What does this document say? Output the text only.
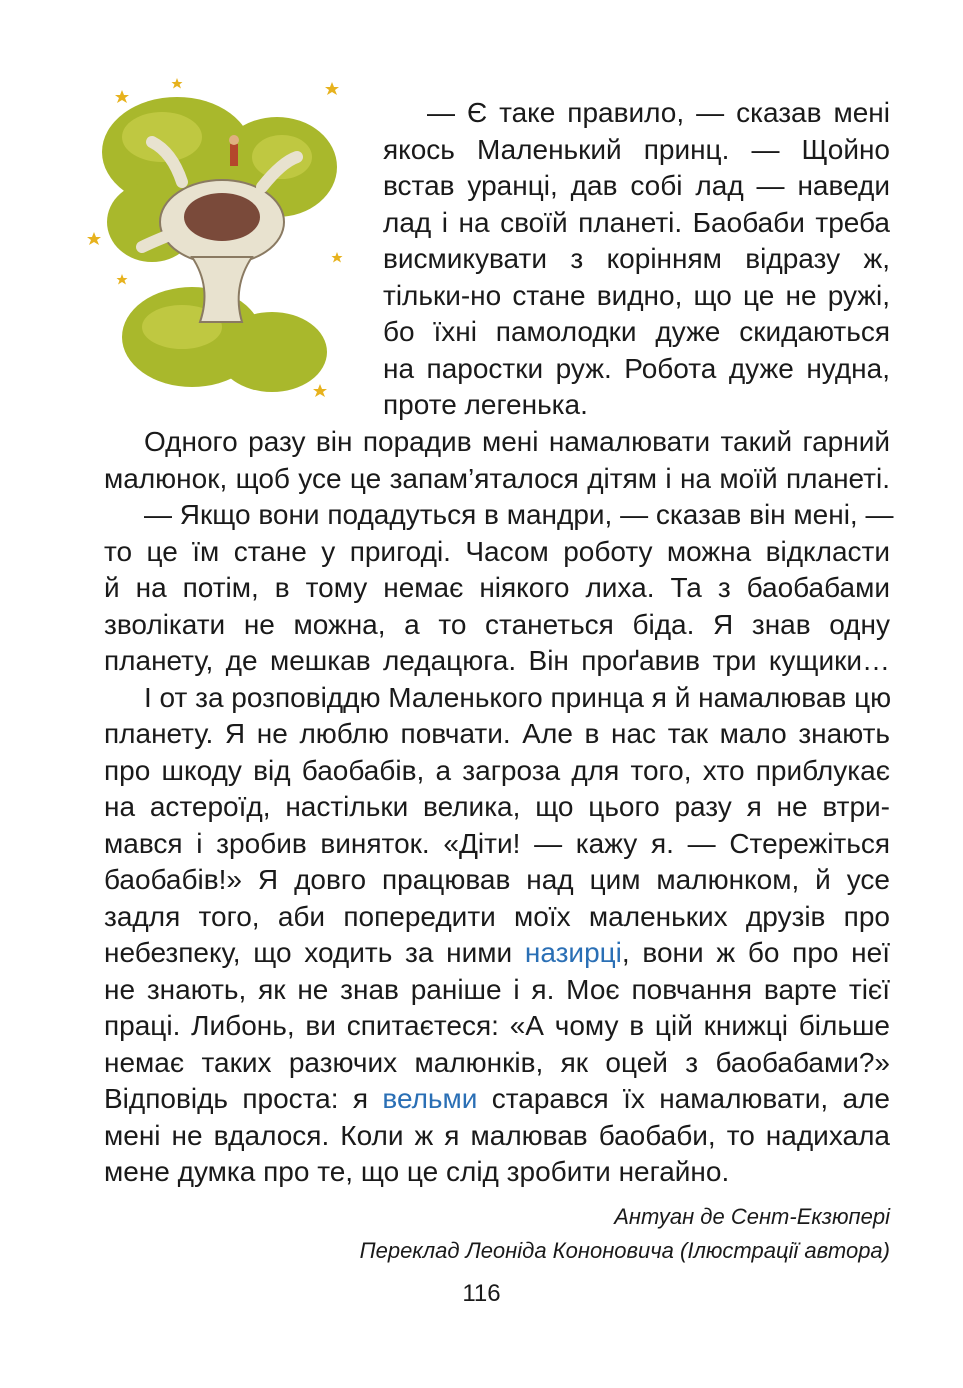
— Є таке правило, — сказав мені
якось Маленький принц. — Щойно
встав уранці, дав собі лад — наведи
лад і на своїй планеті. Баобаби треба
висмикувати з корінням відразу ж,
тільки-но стане видно, що це не ружі,
бо їхні памолодки дуже скидаються
на паростки руж. Робота дуже нудна,
проте легенька.
Одного разу він порадив мені намалювати такий гарний
малюнок, щоб усе це запам’яталося дітям і на моїй планеті.
— Якщо вони подадуться в мандри, — сказав він мені, —
то це їм стане у пригоді. Часом роботу можна відкласти
й на потім, в тому немає ніякого лиха. Та з баобабами
зволікати не можна, а то станеться біда. Я знав одну
планету, де мешкав ледацюга. Він проґавив три кущики…
І от за розповіддю Маленького принца я й намалював цю
планету. Я не люблю повчати. Але в нас так мало знають
про шкоду від баобабів, а загроза для того, хто приблукає
на астероїд, настільки велика, що цього разу я не втри-
мався і зробив виняток. «Діти! — кажу я. — Стережіться
баобабів!» Я довго працював над цим малюнком, й усе
задля того, аби попередити моїх маленьких друзів про
небезпеку, що ходить за ними назирці, вони ж бо про неї
не знають, як не знав раніше і я. Моє повчання варте тієї
праці. Либонь, ви спитаєтеся: «А чому в цій книжці більше
немає таких разючих малюнків, як оцей з баобабами?»
Відповідь проста: я вельми старався їх намалювати, але
мені не вдалося. Коли ж я малював баобаби, то надихала
мене думка про те, що це слід зробити негайно.
Антуан де Сент-Екзюпері
Переклад Леоніда Кононовича (Ілюстрації автора)
116
